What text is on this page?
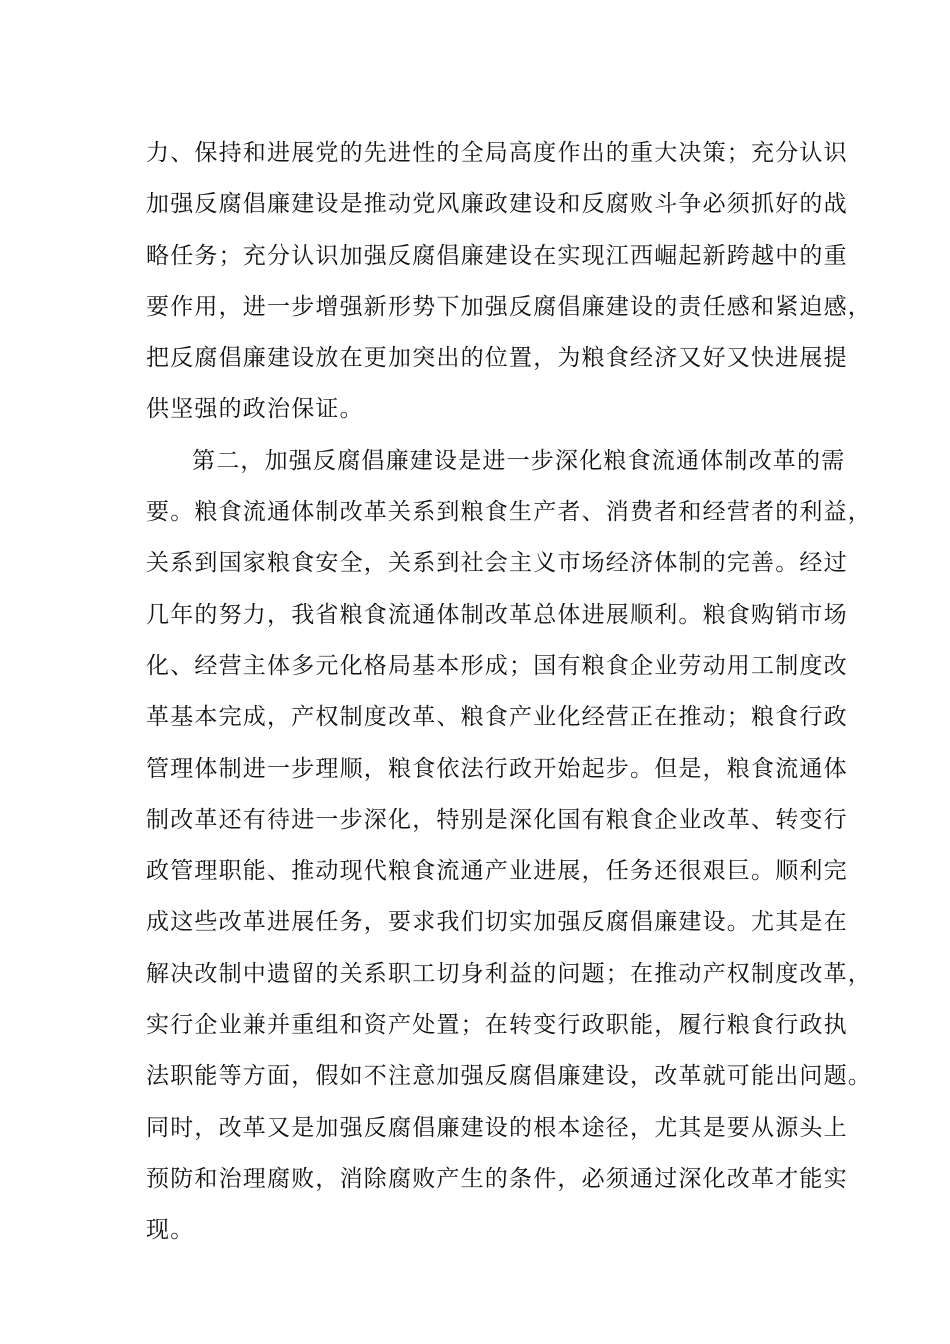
力、保持和进展党的先进性的全局高度作出的重大决策；充分认识
加强反腐倡廉建设是推动党风廉政建设和反腐败斗争必须抓好的战
略任务；充分认识加强反腐倡廉建设在实现江西崛起新跨越中的重
要作用，进一步增强新形势下加强反腐倡廉建设的责任感和紧迫感，
把反腐倡廉建设放在更加突出的位置，为粮食经济又好又快进展提
供坚强的政治保证。
第二，加强反腐倡廉建设是进一步深化粮食流通体制改革的需
要。粮食流通体制改革关系到粮食生产者、消费者和经营者的利益，
关系到国家粮食安全，关系到社会主义市场经济体制的完善。经过
几年的努力，我省粮食流通体制改革总体进展顺利。粮食购销市场
化、经营主体多元化格局基本形成；国有粮食企业劳动用工制度改
革基本完成，产权制度改革、粮食产业化经营正在推动；粮食行政
管理体制进一步理顺，粮食依法行政开始起步。但是，粮食流通体
制改革还有待进一步深化，特别是深化国有粮食企业改革、转变行
政管理职能、推动现代粮食流通产业进展，任务还很艰巨。顺利完
成这些改革进展任务，要求我们切实加强反腐倡廉建设。尤其是在
解决改制中遗留的关系职工切身利益的问题；在推动产权制度改革，
实行企业兼并重组和资产处置；在转变行政职能，履行粮食行政执
法职能等方面，假如不注意加强反腐倡廉建设，改革就可能出问题。
同时，改革又是加强反腐倡廉建设的根本途径，尤其是要从源头上
预防和治理腐败，消除腐败产生的条件，必须通过深化改革才能实
现。
